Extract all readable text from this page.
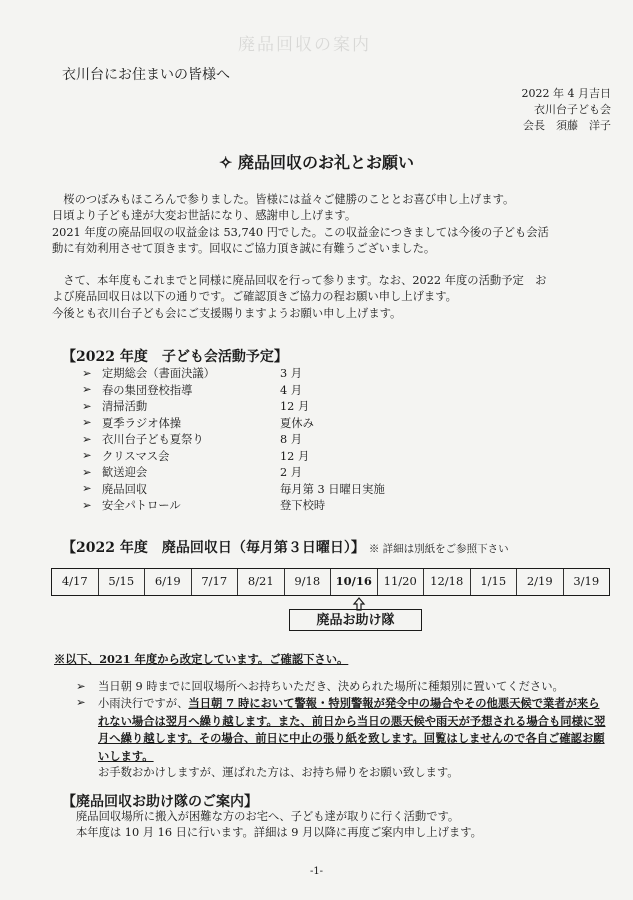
廃品回収の案内
衣川台にお住まいの皆様へ
2022 年 4 月吉日
衣川台子ども会
会長　須藤　洋子
✧ 廃品回収のお礼とお願い
　桜のつぼみもほころんで参りました。皆様には益々ご健勝のこととお喜び申し上げます。
日頃より子ども達が大変お世話になり、感謝申し上げます。
2021 年度の廃品回収の収益金は 53,740 円でした。この収益金につきましては今後の子ども会活
動に有効利用させて頂きます。回収にご協力頂き誠に有難うございました。
　さて、本年度もこれまでと同様に廃品回収を行って参ります。なお、2022 年度の活動予定　お
よび廃品回収日は以下の通りです。ご確認頂きご協力の程お願い申し上げます。
今後とも衣川台子ども会にご支援賜りますようお願い申し上げます。
【2022 年度　子ども会活動予定】
➢ 定期総会（書面決議）	3 月
➢ 春の集団登校指導	4 月
➢ 清掃活動	12 月
➢ 夏季ラジオ体操	夏休み
➢ 衣川台子ども夏祭り	8 月
➢ クリスマス会	12 月
➢ 歓送迎会	2 月
➢ 廃品回収	毎月第 3 日曜日実施
➢ 安全パトロール	登下校時
【2022 年度　廃品回収日（毎月第３日曜日）】 ※ 詳細は別紙をご参照下さい
4/17	5/15	6/19	7/17	8/21	9/18	10/16	11/20	12/18	1/15	2/19	3/19
廃品お助け隊
※以下、2021 年度から改定しています。ご確認下さい。
➢	当日朝 9 時までに回収場所へお持ちいただき、決められた場所に種類別に置いてください。
➢	小雨決行ですが、当日朝 7 時において警報・特別警報が発令中の場合やその他悪天候で業者が来られない場合は翌月へ繰り越します。また、前日から当日の悪天候や雨天が予想される場合も同様に翌月へ繰り越します。その場合、前日に中止の張り紙を致します。回覧はしませんので各自ご確認お願いします。
お手数おかけしますが、運ばれた方は、お持ち帰りをお願い致します。
【廃品回収お助け隊のご案内】
廃品回収場所に搬入が困難な方のお宅へ、子ども達が取りに行く活動です。
本年度は 10 月 16 日に行います。詳細は 9 月以降に再度ご案内申し上げます。
-1-
